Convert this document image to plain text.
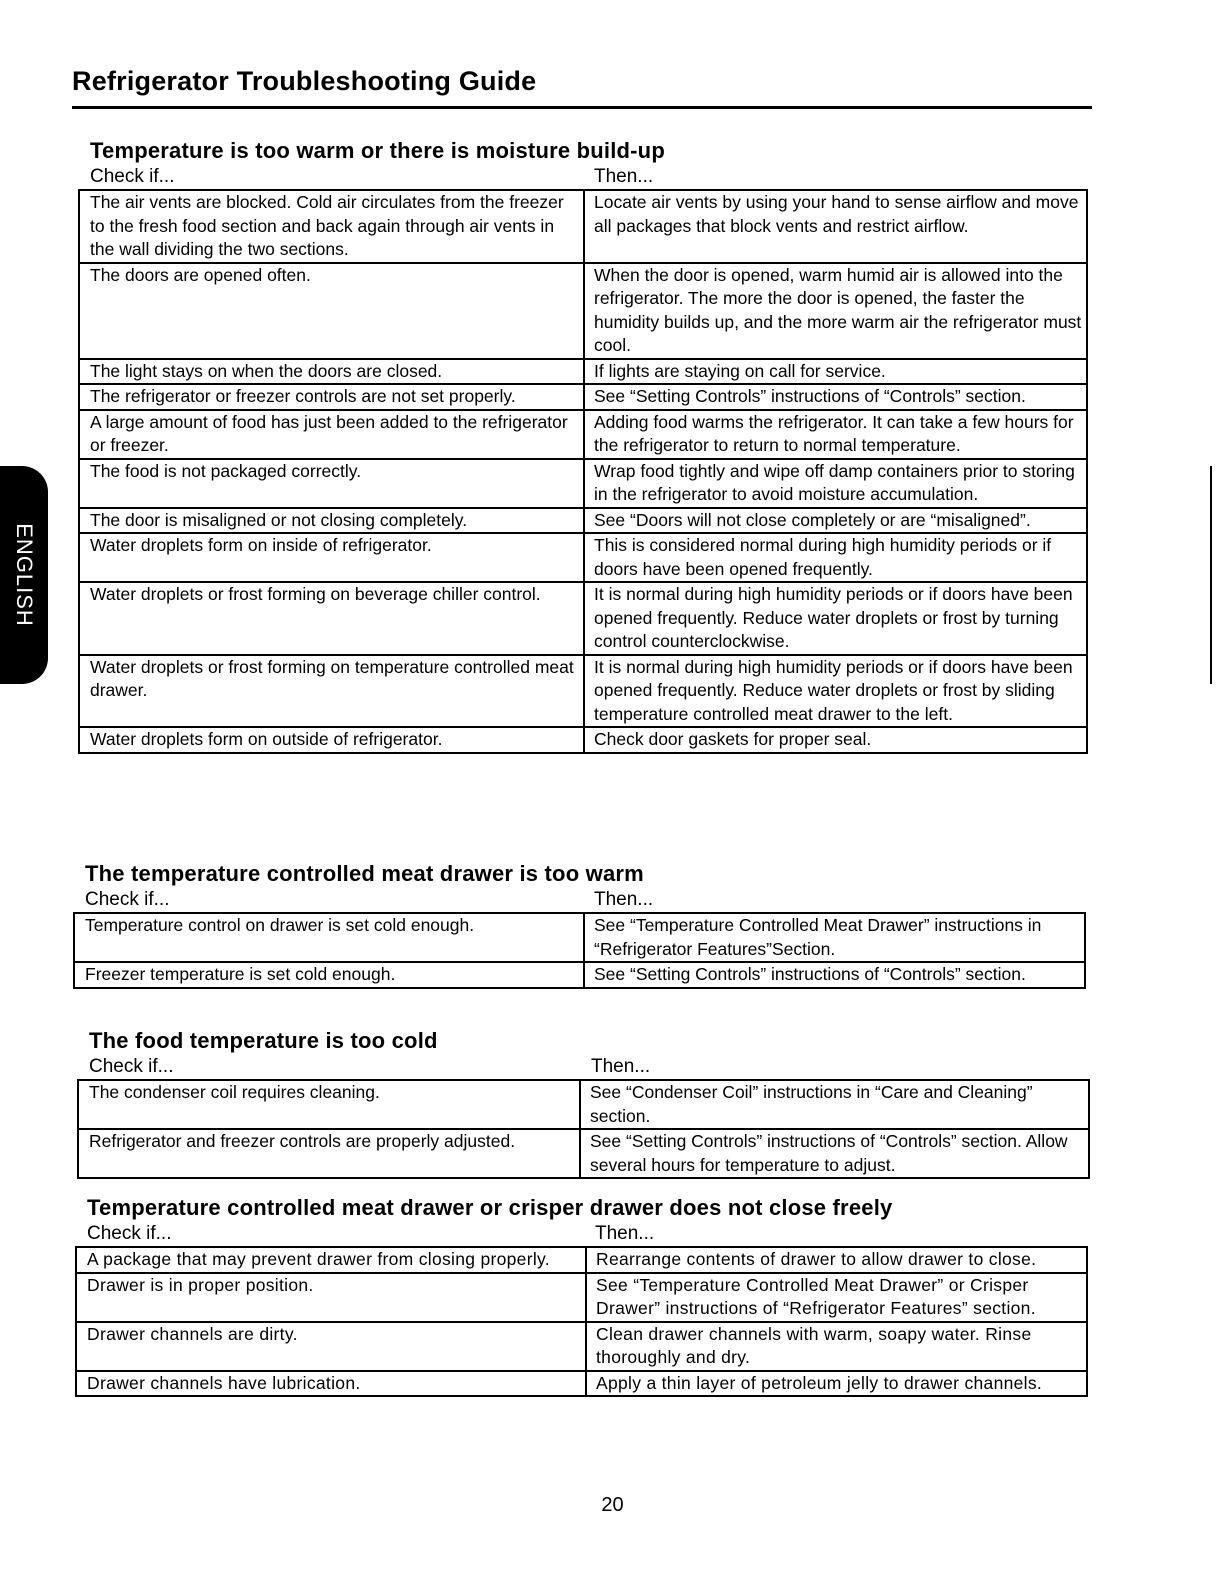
Refrigerator Troubleshooting Guide
ENGLISH
Temperature is too warm or there is moisture build-up
Check if...	Then...
The air vents are blocked. Cold air circulates from the freezer to the fresh food section and back again through air vents in the wall dividing the two sections.	Locate air vents by using your hand to sense airflow and move all packages that block vents and restrict airflow.
The doors are opened often.	When the door is opened, warm humid air is allowed into the refrigerator. The more the door is opened, the faster the humidity builds up, and the more warm air the refrigerator must cool.
The light stays on when the doors are closed.	If lights are staying on call for service.
The refrigerator or freezer controls are not set properly.	See “Setting Controls” instructions of “Controls” section.
A large amount of food has just been added to the refrigerator or freezer.	Adding food warms the refrigerator. It can take a few hours for the refrigerator to return to normal temperature.
The food is not packaged correctly.	Wrap food tightly and wipe off damp containers prior to storing in the refrigerator to avoid moisture accumulation.
The door is misaligned or not closing completely.	See “Doors will not close completely or are “misaligned”.
Water droplets form on inside of refrigerator.	This is considered normal during high humidity periods or if doors have been opened frequently.
Water droplets or frost forming on beverage chiller control.	It is normal during high humidity periods or if doors have been opened frequently. Reduce water droplets or frost by turning control counterclockwise.
Water droplets or frost forming on temperature controlled meat drawer.	It is normal during high humidity periods or if doors have been opened frequently. Reduce water droplets or frost by sliding temperature controlled meat drawer to the left.
Water droplets form on outside of refrigerator.	Check door gaskets for proper seal.
The temperature controlled meat drawer is too warm
Check if...	Then...
Temperature control on drawer is set cold enough.	See “Temperature Controlled Meat Drawer” instructions in “Refrigerator Features”Section.
Freezer temperature is set cold enough.	See “Setting Controls” instructions of “Controls” section.
The food temperature is too cold
Check if...	Then...
The condenser coil requires cleaning.	See “Condenser Coil” instructions in “Care and Cleaning” section.
Refrigerator and freezer controls are properly adjusted.	See “Setting Controls” instructions of “Controls” section. Allow several hours for temperature to adjust.
Temperature controlled meat drawer or crisper drawer does not close freely
Check if...	Then...
A package that may prevent drawer from closing properly.	Rearrange contents of drawer to allow drawer to close.
Drawer is in proper position.	See “Temperature Controlled Meat Drawer” or Crisper Drawer” instructions of “Refrigerator Features” section.
Drawer channels are dirty.	Clean drawer channels with warm, soapy water. Rinse thoroughly and dry.
Drawer channels have lubrication.	Apply a thin layer of petroleum jelly to drawer channels.
20
